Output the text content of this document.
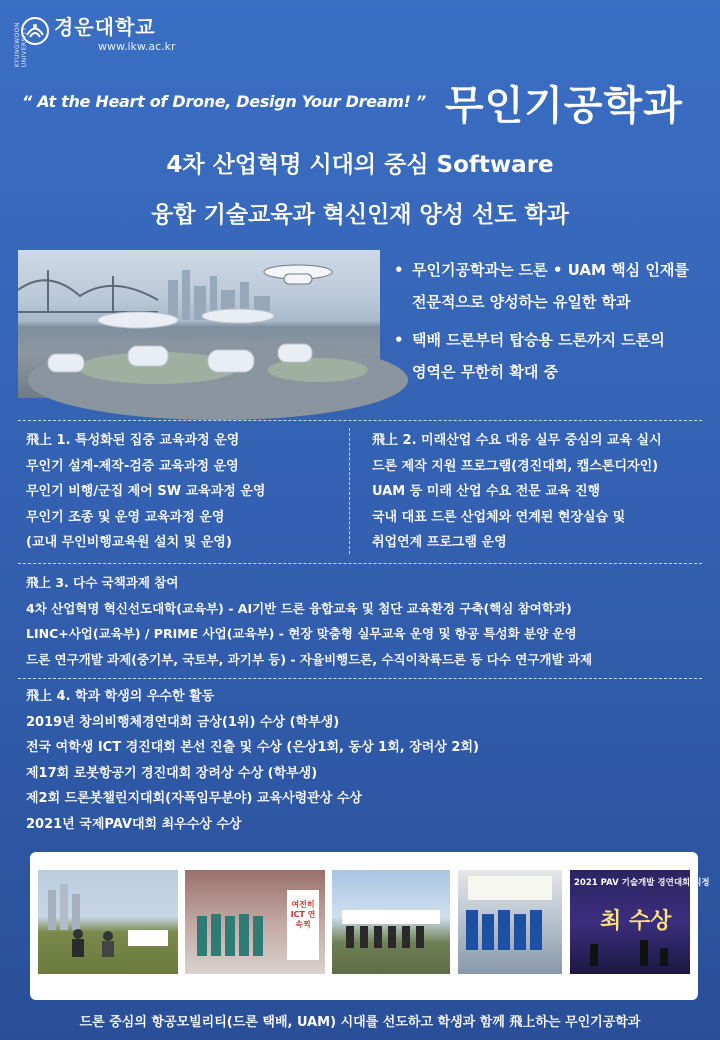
KYUNGWOON UNIVERSITY 경운대학교
www.ikw.ac.kr
“ At the Heart of Drone, Design Your Dream! ” 무인기공학과
4차 산업혁명 시대의 중심 Software
융합 기술교육과 혁신인재 양성 선도 학과
• 무인기공학과는 드론 • UAM 핵심 인재를
전문적으로 양성하는 유일한 학과
• 택배 드론부터 탑승용 드론까지 드론의
영역은 무한히 확대 중
飛上 1. 특성화된 집중 교육과정 운영
무인기 설계-제작-검증 교육과정 운영
무인기 비행/군집 제어 SW 교육과정 운영
무인기 조종 및 운영 교육과정 운영
(교내 무인비행교육원 설치 및 운영)
飛上 2. 미래산업 수요 대응 실무 중심의 교육 실시
드론 제작 지원 프로그램(경진대회, 캡스톤디자인)
UAM 등 미래 산업 수요 전문 교육 진행
국내 대표 드론 산업체와 연계된 현장실습 및
취업연계 프로그램 운영
飛上 3. 다수 국책과제 참여
4차 산업혁명 혁신선도대학(교육부) - AI기반 드론 융합교육 및 첨단 교육환경 구축(핵심 참여학과)
LINC+사업(교육부) / PRIME 사업(교육부) - 현장 맞춤형 실무교육 운영 및 항공 특성화 분양 운영
드론 연구개발 과제(중기부, 국토부, 과기부 등) - 자율비행드론, 수직이착륙드론 등 다수 연구개발 과제
飛上 4. 학과 학생의 우수한 활동
2019년 창의비행체경연대회 금상(1위) 수상 (학부생)
전국 여학생 ICT 경진대회 본선 진출 및 수상 (은상1회, 동상 1회, 장려상 2회)
제17회 로봇항공기 경진대회 장려상 수상 (학부생)
제2회 드론봇챌린지대회(자폭임무분야) 교육사령관상 수상
2021년 국제PAV대회 최우수상 수상
여전히 ICT 연속찍
2021 PAV 기술개발 경연대회 지정
최 수상
드론 중심의 항공모빌리티(드론 택배, UAM) 시대를 선도하고 학생과 함께 飛上하는 무인기공학과
